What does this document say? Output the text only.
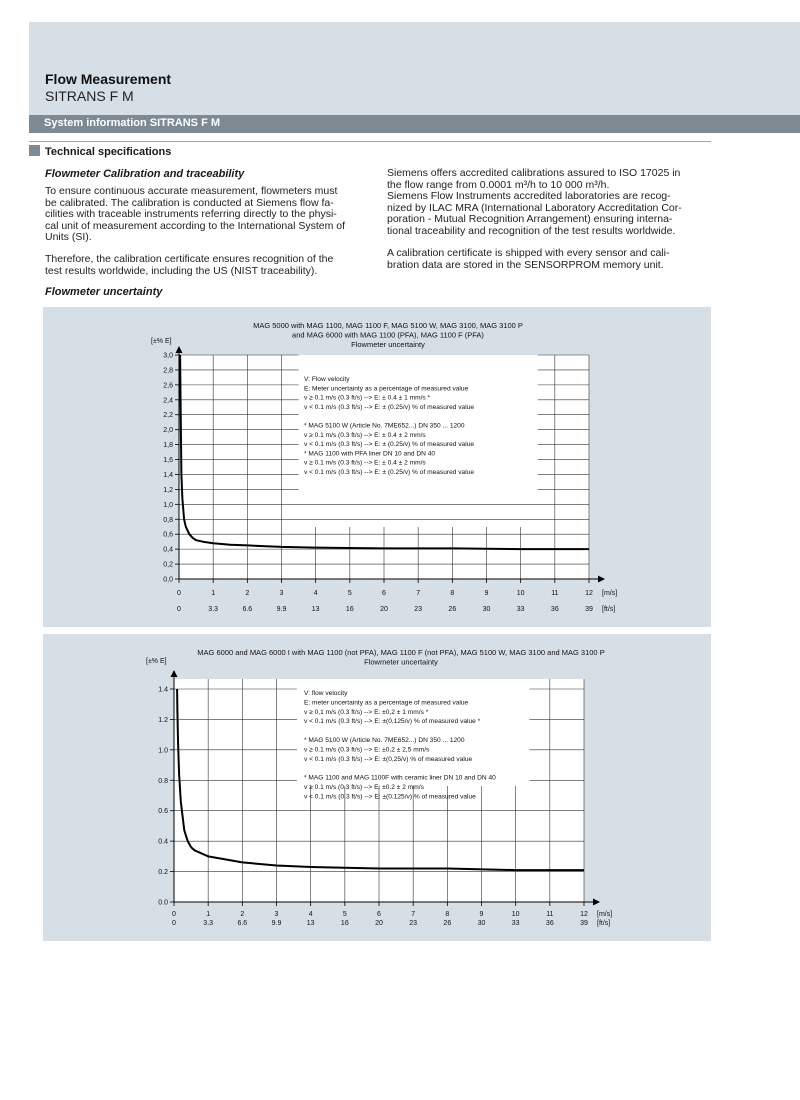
Flow Measurement
SITRANS F M
System information SITRANS F M
Technical specifications
Flowmeter Calibration and traceability
To ensure continuous accurate measurement, flowmeters must
be calibrated. The calibration is conducted at Siemens flow fa-
cilities with traceable instruments referring directly to the physi-
cal unit of measurement according to the International System of
Units (SI).
Therefore, the calibration certificate ensures recognition of the
test results worldwide, including the US (NIST traceability).
Siemens offers accredited calibrations assured to ISO 17025 in
the flow range from 0.0001 m³/h to 10 000 m³/h.
Siemens Flow Instruments accredited laboratories are recog-
nized by ILAC MRA (International Laboratory Accreditation Cor-
poration - Mutual Recognition Arrangement) ensuring interna-
tional traceability and recognition of the test results worldwide.
A calibration certificate is shipped with every sensor and cali-
bration data are stored in the SENSORPROM memory unit.
Flowmeter uncertainty
0,0
0,2
0,4
0,6
0,8
1,0
1,2
1,4
1,6
1,8
2,0
2,2
2,4
2,6
2,8
3,0
0
0
1
3.3
2
6.6
3
9.9
4
13
5
16
6
20
7
23
8
26
9
30
10
33
11
36
12
39
[±% E]
[m/s]
[ft/s]
MAG 5000 with MAG 1100, MAG 1100 F, MAG 5100 W, MAG 3100, MAG 3100 P
and MAG 6000 with MAG 1100 (PFA), MAG 1100 F (PFA)
Flowmeter uncertainty
V: Flow velocity
E: Meter uncertainty as a percentage of measured value
v ≥ 0.1 m/s (0.3 ft/s) --> E: ± 0.4 ± 1 mm/s *
v < 0.1 m/s (0.3 ft/s) --> E: ± (0.25/v) % of measured value
* MAG 5100 W (Article No. 7ME652...) DN 350 ... 1200
v ≥ 0.1 m/s (0.3 ft/s) --> E: ± 0.4 ± 2 mm/s
v < 0.1 m/s (0.3 ft/s) --> E: ± (0.25/v) % of measured value
* MAG 1100 with PFA liner DN 10 and DN 40
v ≥ 0.1 m/s (0.3 ft/s) --> E: ± 0.4 ± 2 mm/s
v < 0.1 m/s (0.3 ft/s) --> E: ± (0.25/v) % of measured value
0.0
0.2
0.4
0.6
0.8
1.0
1.2
1.4
0
0
1
3.3
2
6.6
3
9.9
4
13
5
16
6
20
7
23
8
26
9
30
10
33
11
36
12
39
[±% E]
[m/s]
[ft/s]
MAG 6000 and MAG 6000 I with MAG 1100 (not PFA), MAG 1100 F (not PFA), MAG 5100 W, MAG 3100 and MAG 3100 P
Flowmeter uncertainty
V: flow velocity
E: meter uncertainty as a percentage of measured value
v ≥ 0,1 m/s (0.3 ft/s) --> E: ±0,2 ± 1 mm/s *
v < 0.1 m/s (0.3 ft/s) --> E: ±(0,125/v) % of measured value *
* MAG 5100 W (Article No. 7ME652...) DN 350 ... 1200
v ≥ 0.1 m/s (0.3 ft/s) --> E: ±0,2 ± 2,5 mm/s
v < 0.1 m/s (0.3 ft/s) --> E: ±(0,25/v) % of measured value
* MAG 1100 and MAG 1100F with ceramic liner DN 10 and DN 40
v ≥ 0.1 m/s (0.3 ft/s) --> E: ±0.2 ± 2 mm/s
v < 0.1 m/s (0.3 ft/s) --> E: ±(0.125/v) % of measured value
